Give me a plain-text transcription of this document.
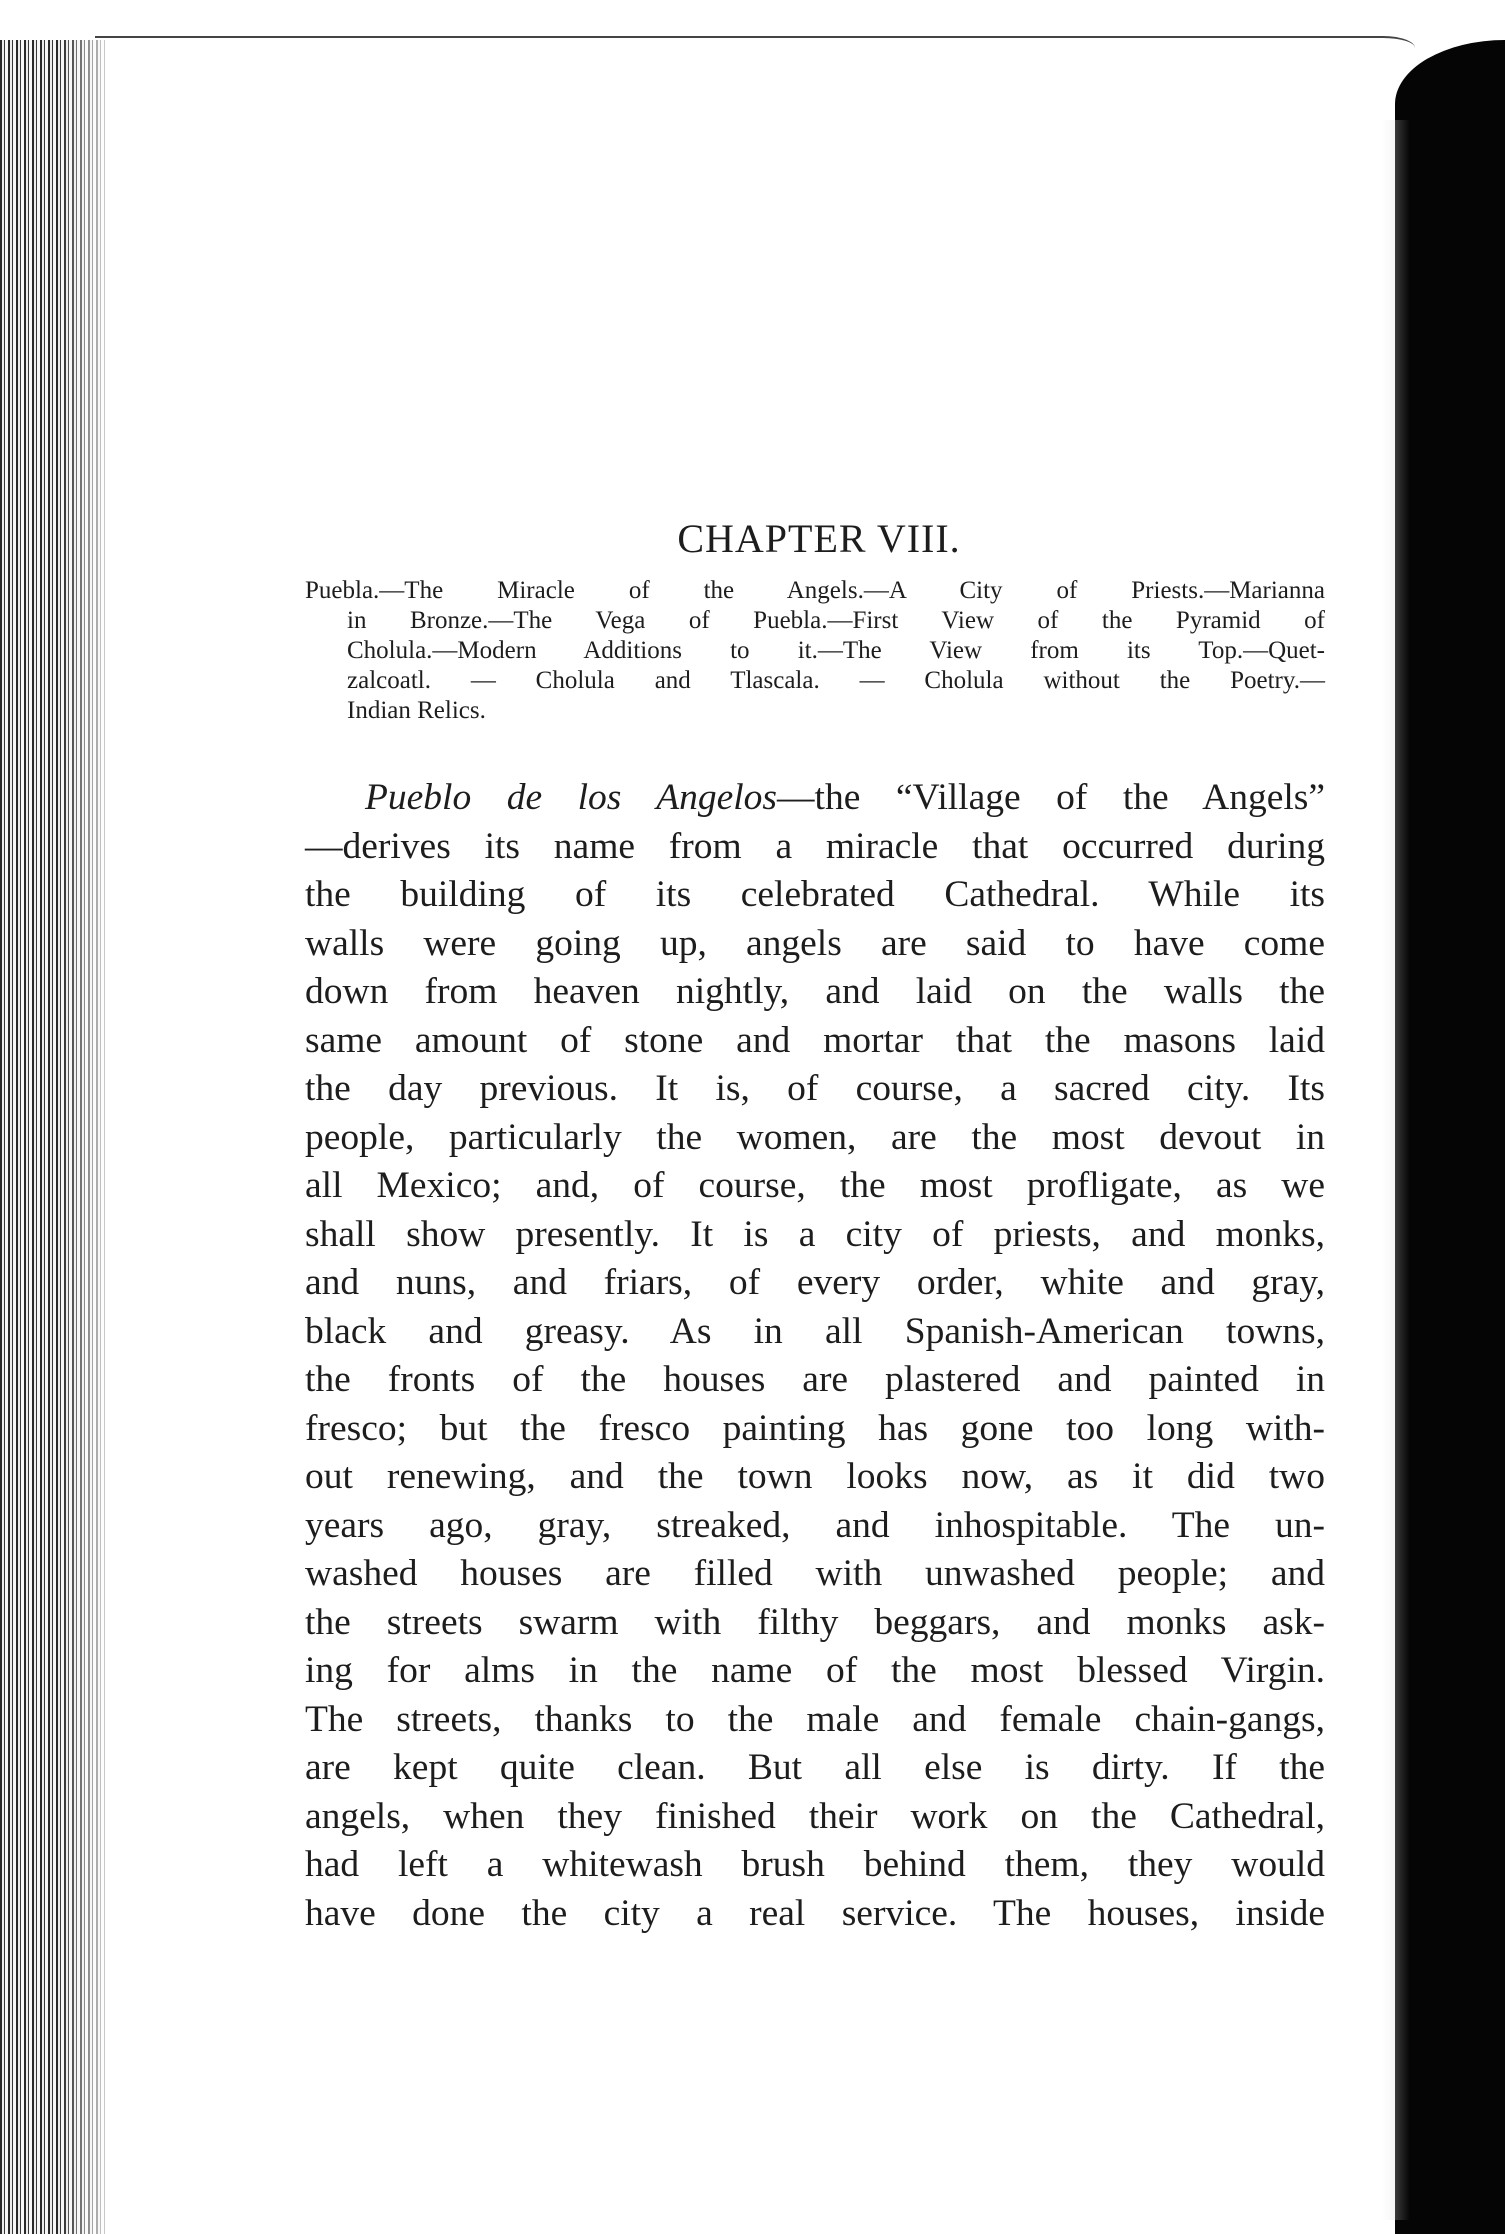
CHAPTER VIII.
Puebla.—The Miracle of the Angels.—A City of Priests.—Marianna
in Bronze.—The Vega of Puebla.—First View of the Pyramid of
Cholula.—Modern Additions to it.—The View from its Top.—Quet-
zalcoatl. — Cholula and Tlascala. — Cholula without the Poetry.—
Indian Relics.
Pueblo de los Angelos—the “Village of the Angels”
—derives its name from a miracle that occurred during
the building of its celebrated Cathedral. While its
walls were going up, angels are said to have come
down from heaven nightly, and laid on the walls the
same amount of stone and mortar that the masons laid
the day previous. It is, of course, a sacred city. Its
people, particularly the women, are the most devout in
all Mexico; and, of course, the most profligate, as we
shall show presently. It is a city of priests, and monks,
and nuns, and friars, of every order, white and gray,
black and greasy. As in all Spanish-American towns,
the fronts of the houses are plastered and painted in
fresco; but the fresco painting has gone too long with-
out renewing, and the town looks now, as it did two
years ago, gray, streaked, and inhospitable. The un-
washed houses are filled with unwashed people; and
the streets swarm with filthy beggars, and monks ask-
ing for alms in the name of the most blessed Virgin.
The streets, thanks to the male and female chain-gangs,
are kept quite clean. But all else is dirty. If the
angels, when they finished their work on the Cathedral,
had left a whitewash brush behind them, they would
have done the city a real service. The houses, inside
